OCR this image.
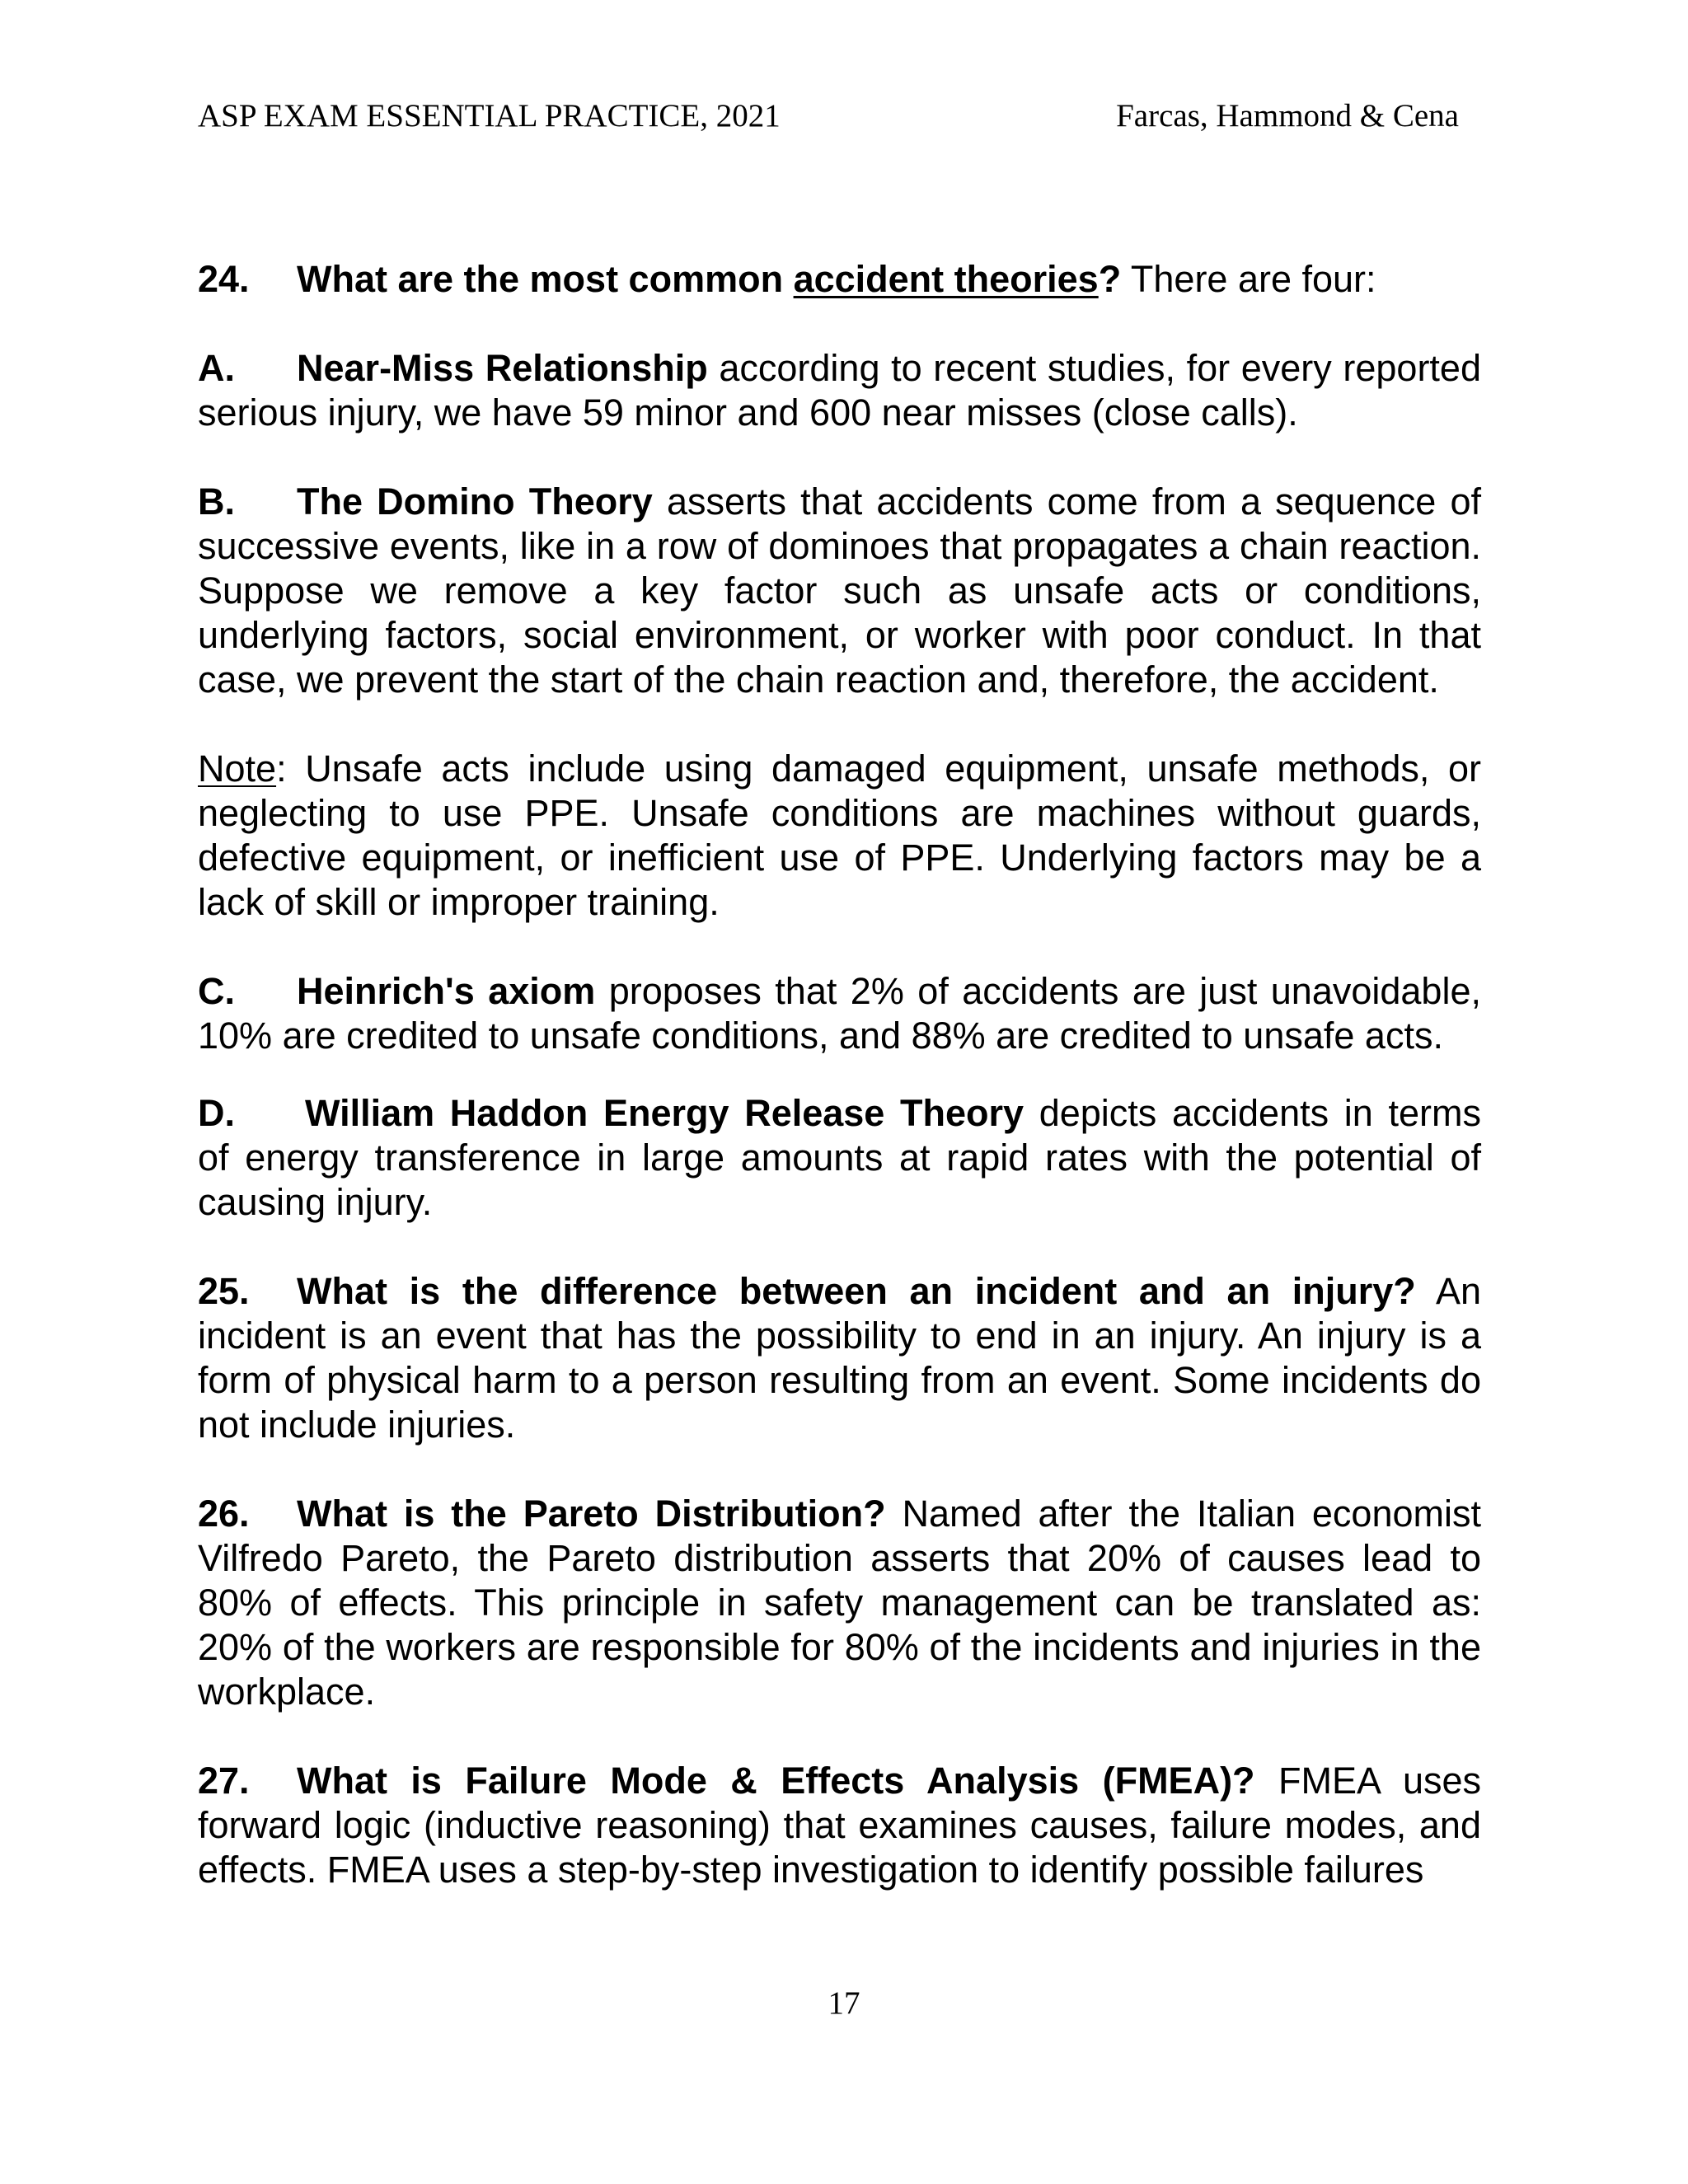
ASP EXAM ESSENTIAL PRACTICE, 2021	Farcas, Hammond & Cena

24. What are the most common accident theories? There are four:

A. Near-Miss Relationship according to recent studies, for every reported serious injury, we have 59 minor and 600 near misses (close calls).

B. The Domino Theory asserts that accidents come from a sequence of successive events, like in a row of dominoes that propagates a chain reaction. Suppose we remove a key factor such as unsafe acts or conditions, underlying factors, social environment, or worker with poor conduct. In that case, we prevent the start of the chain reaction and, therefore, the accident.

Note: Unsafe acts include using damaged equipment, unsafe methods, or neglecting to use PPE. Unsafe conditions are machines without guards, defective equipment, or inefficient use of PPE. Underlying factors may be a lack of skill or improper training.

C. Heinrich's axiom proposes that 2% of accidents are just unavoidable, 10% are credited to unsafe conditions, and 88% are credited to unsafe acts.

D. William Haddon Energy Release Theory depicts accidents in terms of energy transference in large amounts at rapid rates with the potential of causing injury.

25. What is the difference between an incident and an injury? An incident is an event that has the possibility to end in an injury. An injury is a form of physical harm to a person resulting from an event. Some incidents do not include injuries.

26. What is the Pareto Distribution? Named after the Italian economist Vilfredo Pareto, the Pareto distribution asserts that 20% of causes lead to 80% of effects. This principle in safety management can be translated as: 20% of the workers are responsible for 80% of the incidents and injuries in the workplace.

27. What is Failure Mode & Effects Analysis (FMEA)? FMEA uses forward logic (inductive reasoning) that examines causes, failure modes, and effects. FMEA uses a step-by-step investigation to identify possible failures

17
